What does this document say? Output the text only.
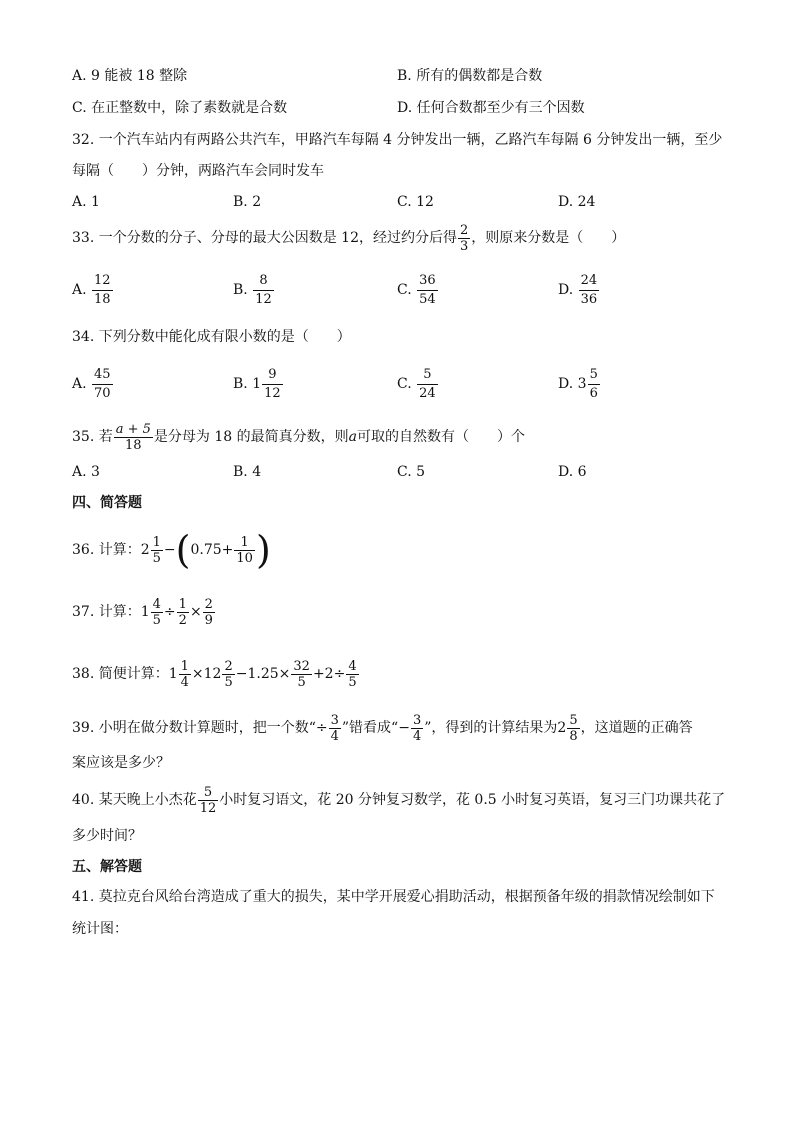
A. 9 能被 18 整除	B. 所有的偶数都是合数
C. 在正整数中，除了素数就是合数	D. 任何合数都至少有三个因数
32. 一个汽车站内有两路公共汽车，甲路汽车每隔 4 分钟发出一辆，乙路汽车每隔 6 分钟发出一辆，至少
每隔（　　）分钟，两路汽车会同时发车
A. 1	B. 2	C. 12	D. 24
33. 一个分数的分子、分母的最大公因数是 12，经过约分后得 $\frac{2}{3}$ ，则原来分数是（　　）
A. $\frac{12}{18}$	B. $\frac{8}{12}$	C. $\frac{36}{54}$	D. $\frac{24}{36}$
34. 下列分数中能化成有限小数的是（　　）
A. $\frac{45}{70}$	B. $1 \frac{9}{12}$	C. $\frac{5}{24}$	D. $3 \frac{5}{6}$
35. 若 $\frac{a + 5}{18}$ 是分母为 18 的最简真分数，则a可取的自然数有（　　）个
A. 3	B. 4	C. 5	D. 6
四、简答题
36. 计算：$2 \frac{1}{5} -(0.75+ \frac{1}{10}$ )
37. 计算：$1 \frac{4}{5} \div \frac{1}{2} \times \frac{2}{9}$
38. 简便计算：$1 \frac{1}{4} \times 12 \frac{2}{5} -1.25\times \frac{32}{5} +2\div \frac{4}{5}$
39. 小明在做分数计算题时，把一个数“÷ $\frac{3}{4}$ ”错看成“− $\frac{3}{4}$ ”，得到的计算结果为$2 \frac{5}{8}$ ，这道题的正确答
案应该是多少？
40. 某天晚上小杰花 $\frac{5}{12}$ 小时复习语文，花 20 分钟复习数学，花 0.5 小时复习英语，复习三门功课共花了
多少时间？
五、解答题
41. 莫拉克台风给台湾造成了重大的损失，某中学开展爱心捐助活动，根据预备年级的捐款情况绘制如下
统计图：
